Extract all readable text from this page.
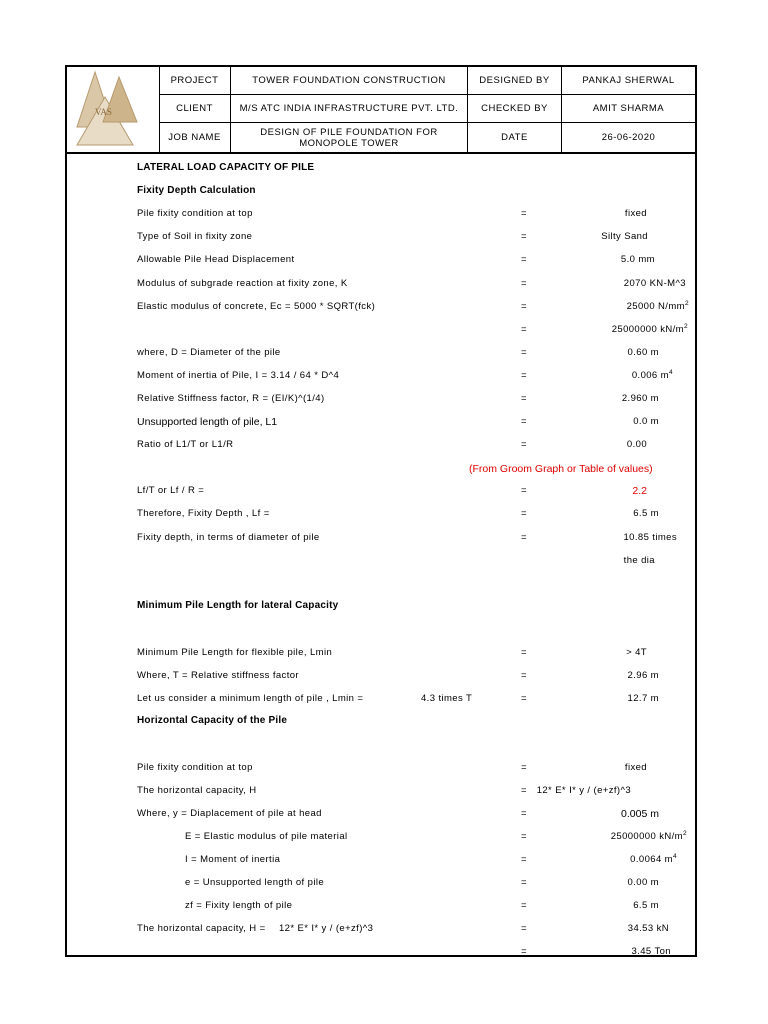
VAS
PROJECT	TOWER FOUNDATION CONSTRUCTION	DESIGNED BY	PANKAJ SHERWAL
CLIENT	M/S ATC INDIA INFRASTRUCTURE PVT. LTD.	CHECKED BY	AMIT SHARMA
JOB NAME	DESIGN OF PILE FOUNDATION FOR MONOPOLE TOWER	DATE	26-06-2020
LATERAL LOAD CAPACITY OF PILE
Fixity Depth Calculation
Pile fixity condition at top	=	fixed
Type of Soil in fixity zone	=	Silty Sand
Allowable Pile Head Displacement	=	5.0 mm
Modulus of subgrade reaction at fixity zone, K	=	2070 KN-M^3
Elastic modulus of concrete, Ec = 5000 * SQRT(fck)	=	25000 $N/mm^2$
=	25000000 $kN/m^2$
where, D = Diameter of the pile	=	0.60 m
Moment of inertia of Pile, I = 3.14 / 64 * D^4	=	0.006 $m^4$
Relative Stiffness factor, R = (EI/K)^(1/4)	=	2.960 m
Unsupported length of pile, L1	=	0.0 m
Ratio of L1/T or L1/R	=	0.00
(From Groom Graph or Table of values)
Lf/T or Lf / R =	=	2.2
Therefore, Fixity Depth , Lf =	=	6.5 m
Fixity depth, in terms of diameter of pile	=	10.85 times
the dia
Minimum Pile Length for lateral Capacity
Minimum Pile Length for flexible pile, Lmin	=	> 4T
Where, T = Relative stiffness factor	=	2.96 m
Let us consider a minimum length of pile , Lmin =	4.3 times T	=	12.7 m
Horizontal Capacity of the Pile
Pile fixity condition at top	=	fixed
The horizontal capacity, H	= 12* E* I* y / (e+zf)^3
Where, y = Diaplacement of pile at head	=	0.005 m
E = Elastic modulus of pile material	=	25000000 $kN/m^2$
I = Moment of inertia	=	0.0064 $m^4$
e = Unsupported length of pile	=	0.00 m
zf = Fixity length of pile	=	6.5 m
The horizontal capacity, H = 12* E* I* y / (e+zf)^3	=	34.53 kN
=	3.45 Ton
